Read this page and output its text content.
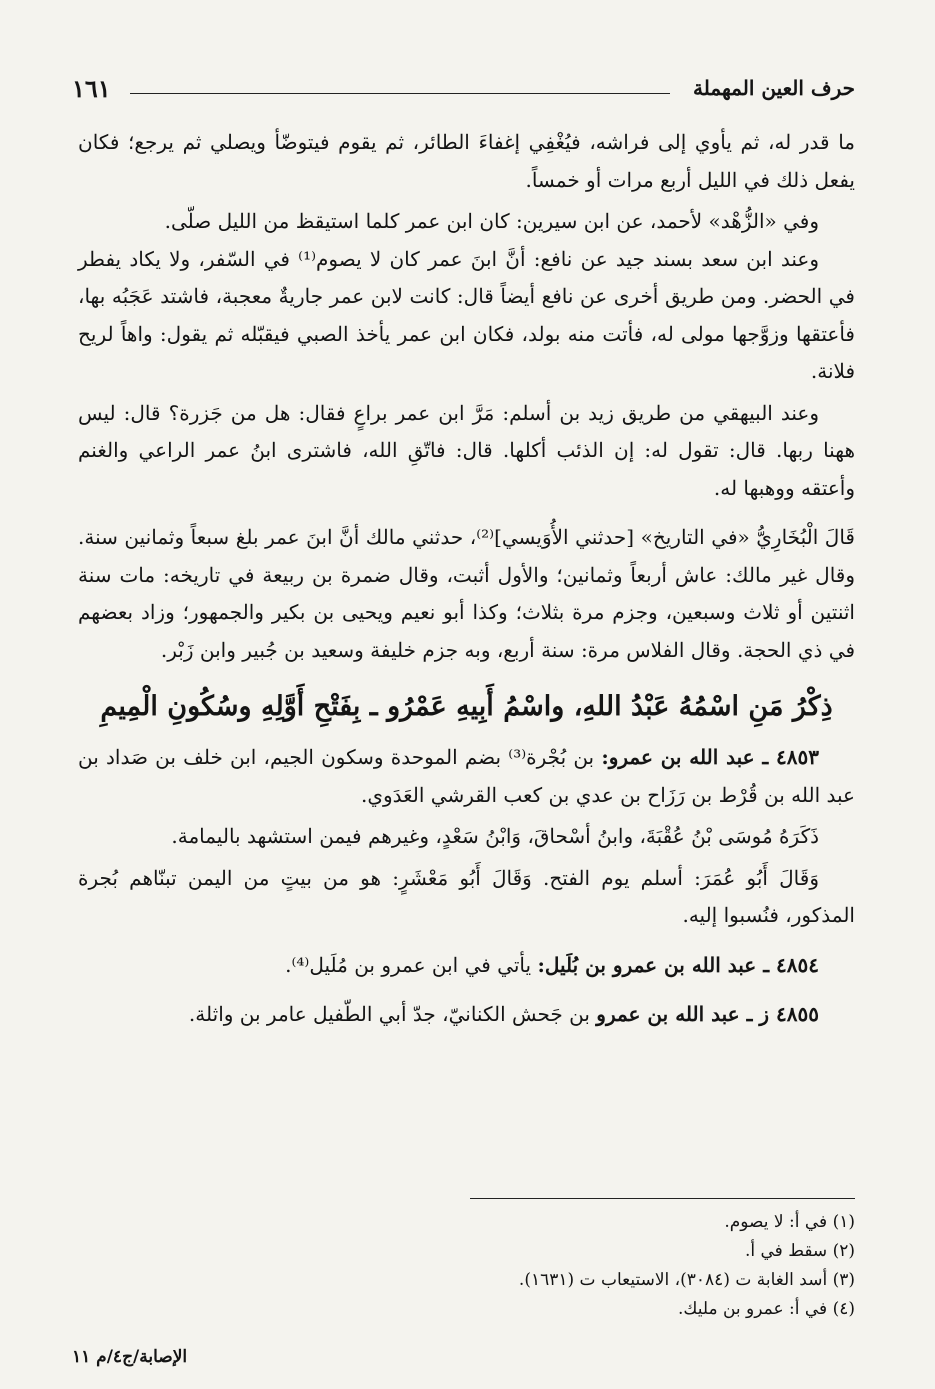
١٦١	حرف العين المهملة

ما قدر له، ثم يأوي إلى فراشه، فيُغْفِي إغفاءَ الطائر، ثم يقوم فيتوضّأ ويصلي ثم يرجع؛ فكان يفعل ذلك في الليل أربع مرات أو خمساً.

وفي «الزُّهْد» لأحمد، عن ابن سيرين: كان ابن عمر كلما استيقظ من الليل صلّى.

وعند ابن سعد بسند جيد عن نافع: أنَّ ابنَ عمر كان لا يصوم⁽¹⁾ في السّفر، ولا يكاد يفطر في الحضر. ومن طريق أخرى عن نافع أيضاً قال: كانت لابن عمر جاريةٌ معجبة، فاشتد عَجَبُه بها، فأعتقها وزوَّجها مولى له، فأتت منه بولد، فكان ابن عمر يأخذ الصبي فيقبّله ثم يقول: واهاً لريح فلانة.

وعند البيهقي من طريق زيد بن أسلم: مَرَّ ابن عمر براعٍ فقال: هل من جَزرة؟ قال: ليس ههنا ربها. قال: تقول له: إن الذئب أكلها. قال: فاتّقِ الله، فاشترى ابنُ عمر الراعي والغنم وأعتقه ووهبها له.

قَالَ الْبُخَارِيُّ «في التاريخ» [حدثني الأُوَيسي]⁽²⁾، حدثني مالك أنَّ ابنَ عمر بلغ سبعاً وثمانين سنة. وقال غير مالك: عاش أربعاً وثمانين؛ والأول أثبت، وقال ضمرة بن ربيعة في تاريخه: مات سنة اثنتين أو ثلاث وسبعين، وجزم مرة بثلاث؛ وكذا أبو نعيم ويحيى بن بكير والجمهور؛ وزاد بعضهم في ذي الحجة. وقال الفلاس مرة: سنة أربع، وبه جزم خليفة وسعيد بن جُبير وابن زَبْر.

ذِكْرُ مَنِ اسْمُهُ عَبْدُ اللهِ، واسْمُ أَبِيهِ عَمْرُو ـ بِفَتْحِ أَوَّلِهِ وسُكُونِ الْمِيمِ

٤٨٥٣ ـ عبد الله بن عمرو: بن بُجْرة⁽³⁾ بضم الموحدة وسكون الجيم، ابن خلف بن صَداد بن عبد الله بن قُرْط بن رَزَاح بن عدي بن كعب القرشي العَدَوي.

ذَكَرَهُ مُوسَى بْنُ عُقْبَةَ، وابنُ أسْحاقَ، وَابْنُ سَعْدٍ، وغيرهم فيمن استشهد باليمامة.

وَقَالَ أَبُو عُمَرَ: أسلم يوم الفتح. وَقَالَ أَبُو مَعْشَرٍ: هو من بيتٍ من اليمن تبنّاهم بُجرة المذكور، فنُسبوا إليه.

٤٨٥٤ ـ عبد الله بن عمرو بن بُلَيل: يأتي في ابن عمرو بن مُلَيل⁽⁴⁾.

٤٨٥٥ ز ـ عبد الله بن عمرو بن جَحش الكنانيّ، جدّ أبي الطّفيل عامر بن واثلة.

(١) في أ: لا يصوم.

(٢) سقط في أ.

(٣) أسد الغابة ت (٣٠٨٤)، الاستيعاب ت (١٦٣١).

(٤) في أ: عمرو بن مليك.

الإصابة/ج٤/م ١١
